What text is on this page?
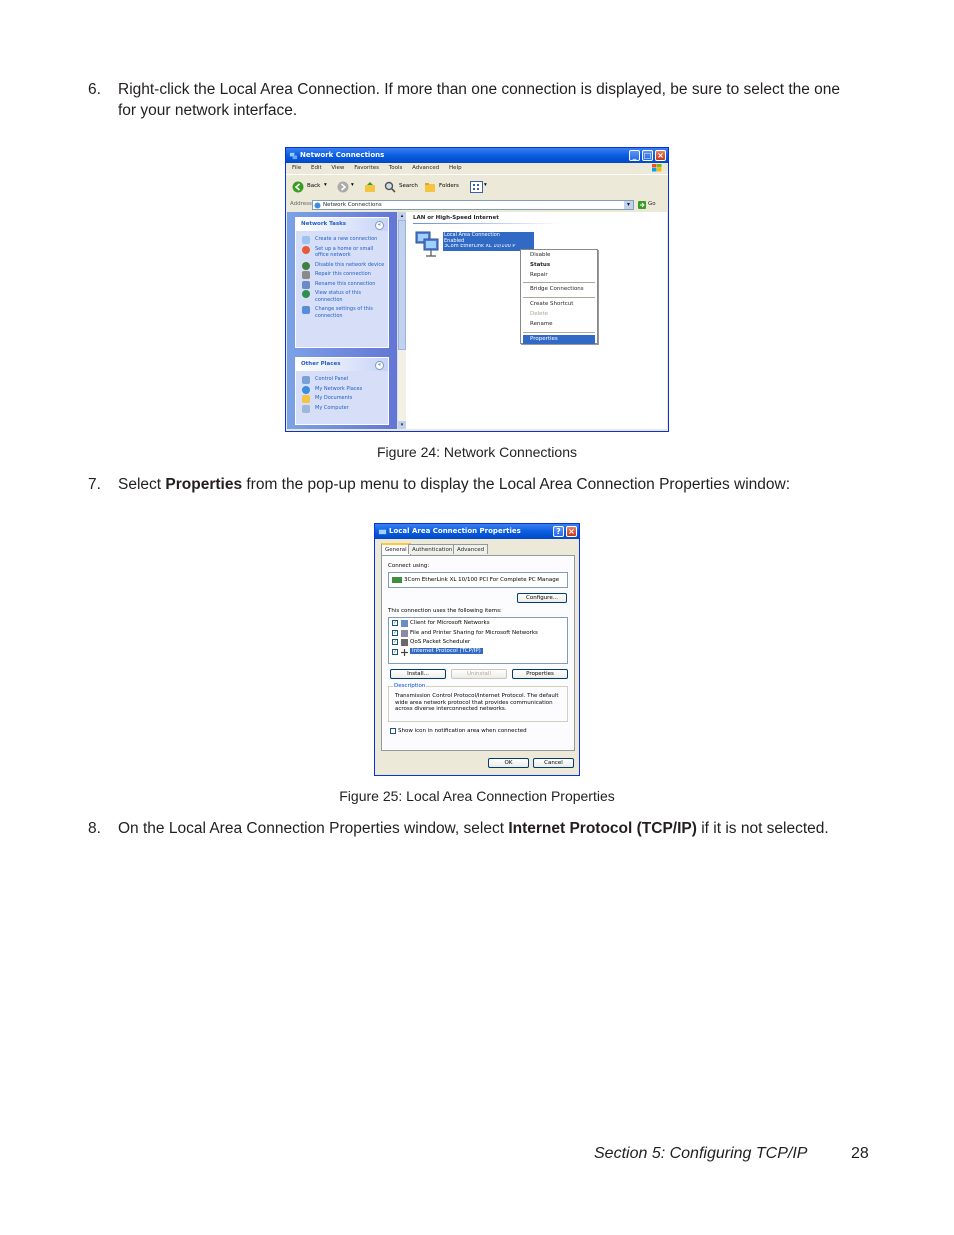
6.	Right-click the Local Area Connection. If more than one connection is displayed, be sure to select the one for your network interface.
Network Connections	_ □ ×
File Edit View Favorites Tools Advanced Help
Back ▾	▾	Search	Folders	▾
Address	Network Connections	▾	Go
Network Tasks	«
Create a new connection
Set up a home or small office network
Disable this network device
Repair this connection
Rename this connection
View status of this connection
Change settings of this connection
Other Places	«
Control Panel
My Network Places
My Documents
My Computer
▴
▾
LAN or High-Speed Internet
Local Area Connection
Enabled
3Com EtherLink XL 10/100 P
Disable
Status
Repair
Bridge Connections
Create Shortcut
Delete
Rename
Properties
Figure 24: Network Connections
7.	Select Properties from the pop-up menu to display the Local Area Connection Properties window:
Local Area Connection Properties	? ×
General Authentication Advanced
Connect using:
3Com EtherLink XL 10/100 PCI For Complete PC Manage
Configure...
This connection uses the following items:
✓ Client for Microsoft Networks
✓ File and Printer Sharing for Microsoft Networks
✓ QoS Packet Scheduler
✓	Internet Protocol (TCP/IP)
Install...	Uninstall	Properties
Description
Transmission Control Protocol/Internet Protocol. The default wide area network protocol that provides communication across diverse interconnected networks.
Show icon in notification area when connected
OK	Cancel
Figure 25: Local Area Connection Properties
8.	On the Local Area Connection Properties window, select Internet Protocol (TCP/IP) if it is not selected.
Section 5: Configuring TCP/IP	28
